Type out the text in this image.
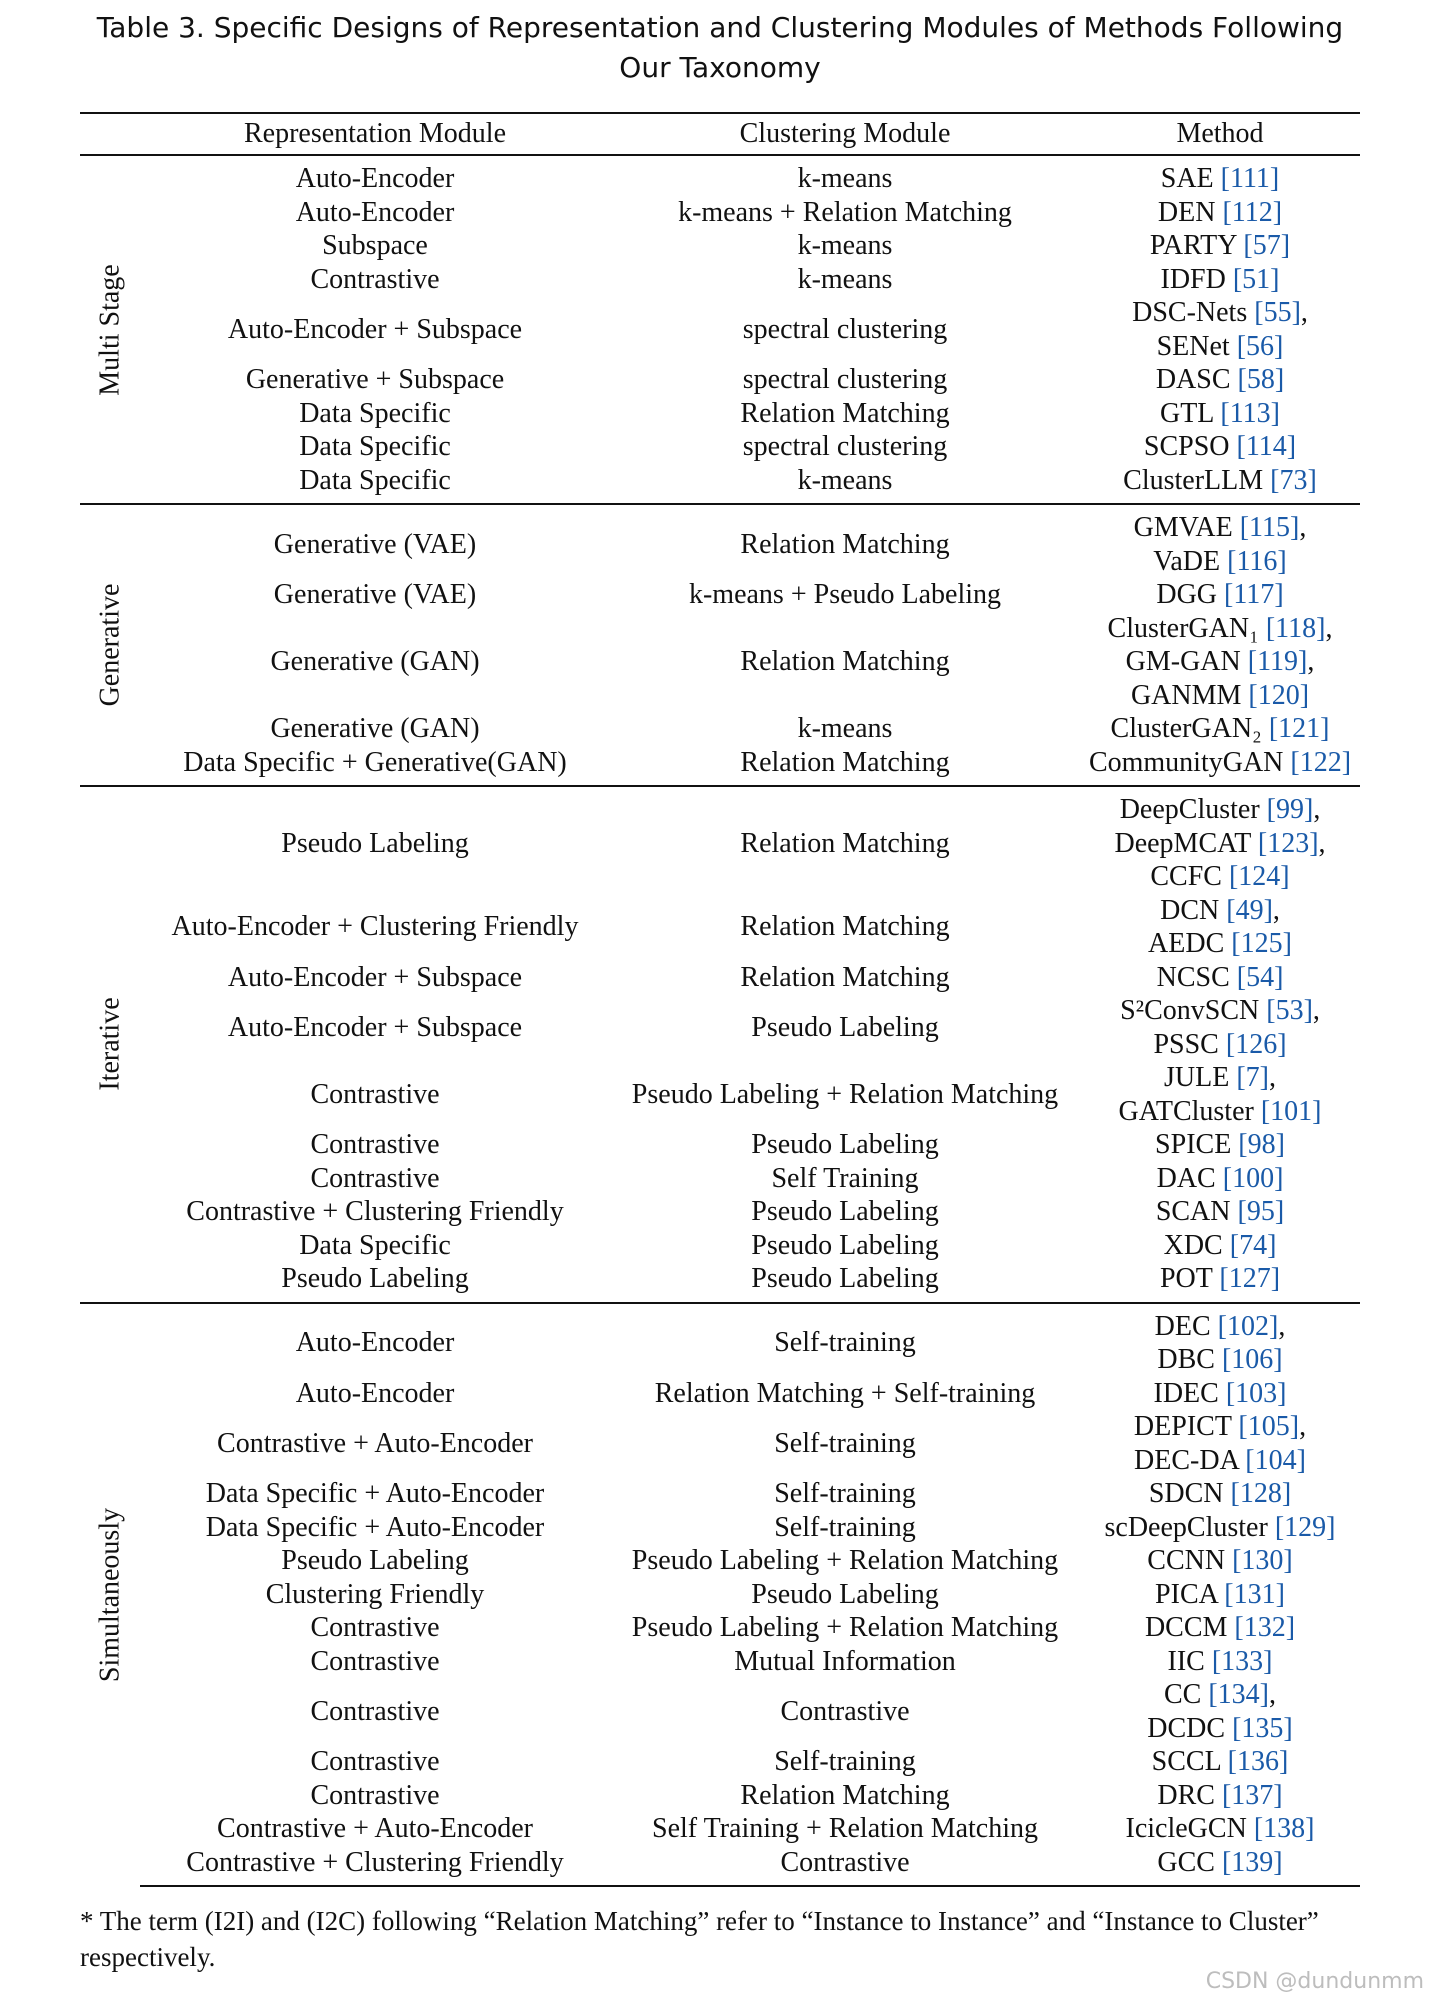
Table 3. Specific Designs of Representation and Clustering Modules of Methods Following Our Taxonomy
	Representation Module	Clustering Module	Method

Multi Stage	Auto-Encoder	k-means	SAE [111]

	Auto-Encoder	k-means + Relation Matching	DEN [112]

	Subspace	k-means	PARTY [57]

	Contrastive	k-means	IDFD [51]

	Auto-Encoder + Subspace	spectral clustering	DSC-Nets [55],
SENet [56]

	Generative + Subspace	spectral clustering	DASC [58]

	Data Specific	Relation Matching	GTL [113]

	Data Specific	spectral clustering	SCPSO [114]

	Data Specific	k-means	ClusterLLM [73]

Generative	Generative (VAE)	Relation Matching	GMVAE [115],
VaDE [116]

	Generative (VAE)	k-means + Pseudo Labeling	DGG [117]

	Generative (GAN)	Relation Matching	ClusterGAN₁ [118],
GM-GAN [119],
GANMM [120]

	Generative (GAN)	k-means	ClusterGAN₂ [121]

	Data Specific + Generative(GAN)	Relation Matching	CommunityGAN [122]

Iterative	Pseudo Labeling	Relation Matching	DeepCluster [99],
DeepMCAT [123],
CCFC [124]

	Auto-Encoder + Clustering Friendly	Relation Matching	DCN [49],
AEDC [125]

	Auto-Encoder + Subspace	Relation Matching	NCSC [54]

	Auto-Encoder + Subspace	Pseudo Labeling	S²ConvSCN [53],
PSSC [126]

	Contrastive	Pseudo Labeling + Relation Matching	JULE [7],
GATCluster [101]

	Contrastive	Pseudo Labeling	SPICE [98]

	Contrastive	Self Training	DAC [100]

	Contrastive + Clustering Friendly	Pseudo Labeling	SCAN [95]

	Data Specific	Pseudo Labeling	XDC [74]

	Pseudo Labeling	Pseudo Labeling	POT [127]

Simultaneously	Auto-Encoder	Self-training	DEC [102],
DBC [106]

	Auto-Encoder	Relation Matching + Self-training	IDEC [103]

	Contrastive + Auto-Encoder	Self-training	DEPICT [105],
DEC-DA [104]

	Data Specific + Auto-Encoder	Self-training	SDCN [128]

	Data Specific + Auto-Encoder	Self-training	scDeepCluster [129]

	Pseudo Labeling	Pseudo Labeling + Relation Matching	CCNN [130]

	Clustering Friendly	Pseudo Labeling	PICA [131]

	Contrastive	Pseudo Labeling + Relation Matching	DCCM [132]

	Contrastive	Mutual Information	IIC [133]

	Contrastive	Contrastive	CC [134],
DCDC [135]

	Contrastive	Self-training	SCCL [136]

	Contrastive	Relation Matching	DRC [137]

	Contrastive + Auto-Encoder	Self Training + Relation Matching	IcicleGCN [138]

	Contrastive + Clustering Friendly	Contrastive	GCC [139]
* The term (I2I) and (I2C) following “Relation Matching” refer to “Instance to Instance” and “Instance to Cluster” respectively.
CSDN @dundunmm
